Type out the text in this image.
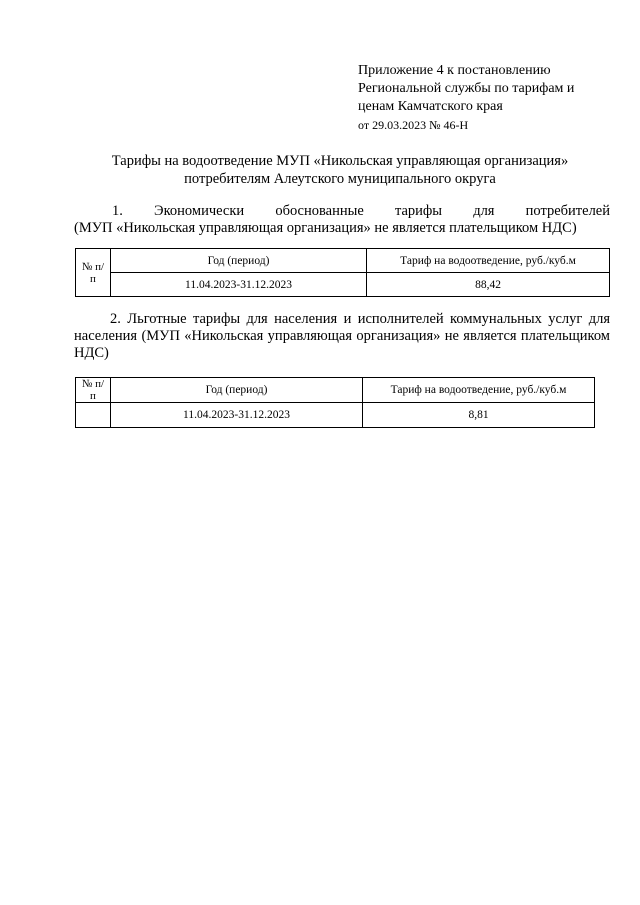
Приложение 4 к постановлению
Региональной службы по тарифам и
ценам Камчатского края
от 29.03.2023 № 46-Н
Тарифы на водоотведение МУП «Никольская управляющая организация»
потребителям Алеутского муниципального округа
1. Экономически обоснованные тарифы для потребителей
(МУП «Никольская управляющая организация» не является плательщиком НДС)
№ п/п	Год (период)	Тариф на водоотведение, руб./куб.м
	11.04.2023-31.12.2023	88,42
2. Льготные тарифы для населения и исполнителей коммунальных услуг для населения (МУП «Никольская управляющая организация» не является плательщиком НДС)
№ п/п	Год (период)	Тариф на водоотведение, руб./куб.м
	11.04.2023-31.12.2023	8,81
